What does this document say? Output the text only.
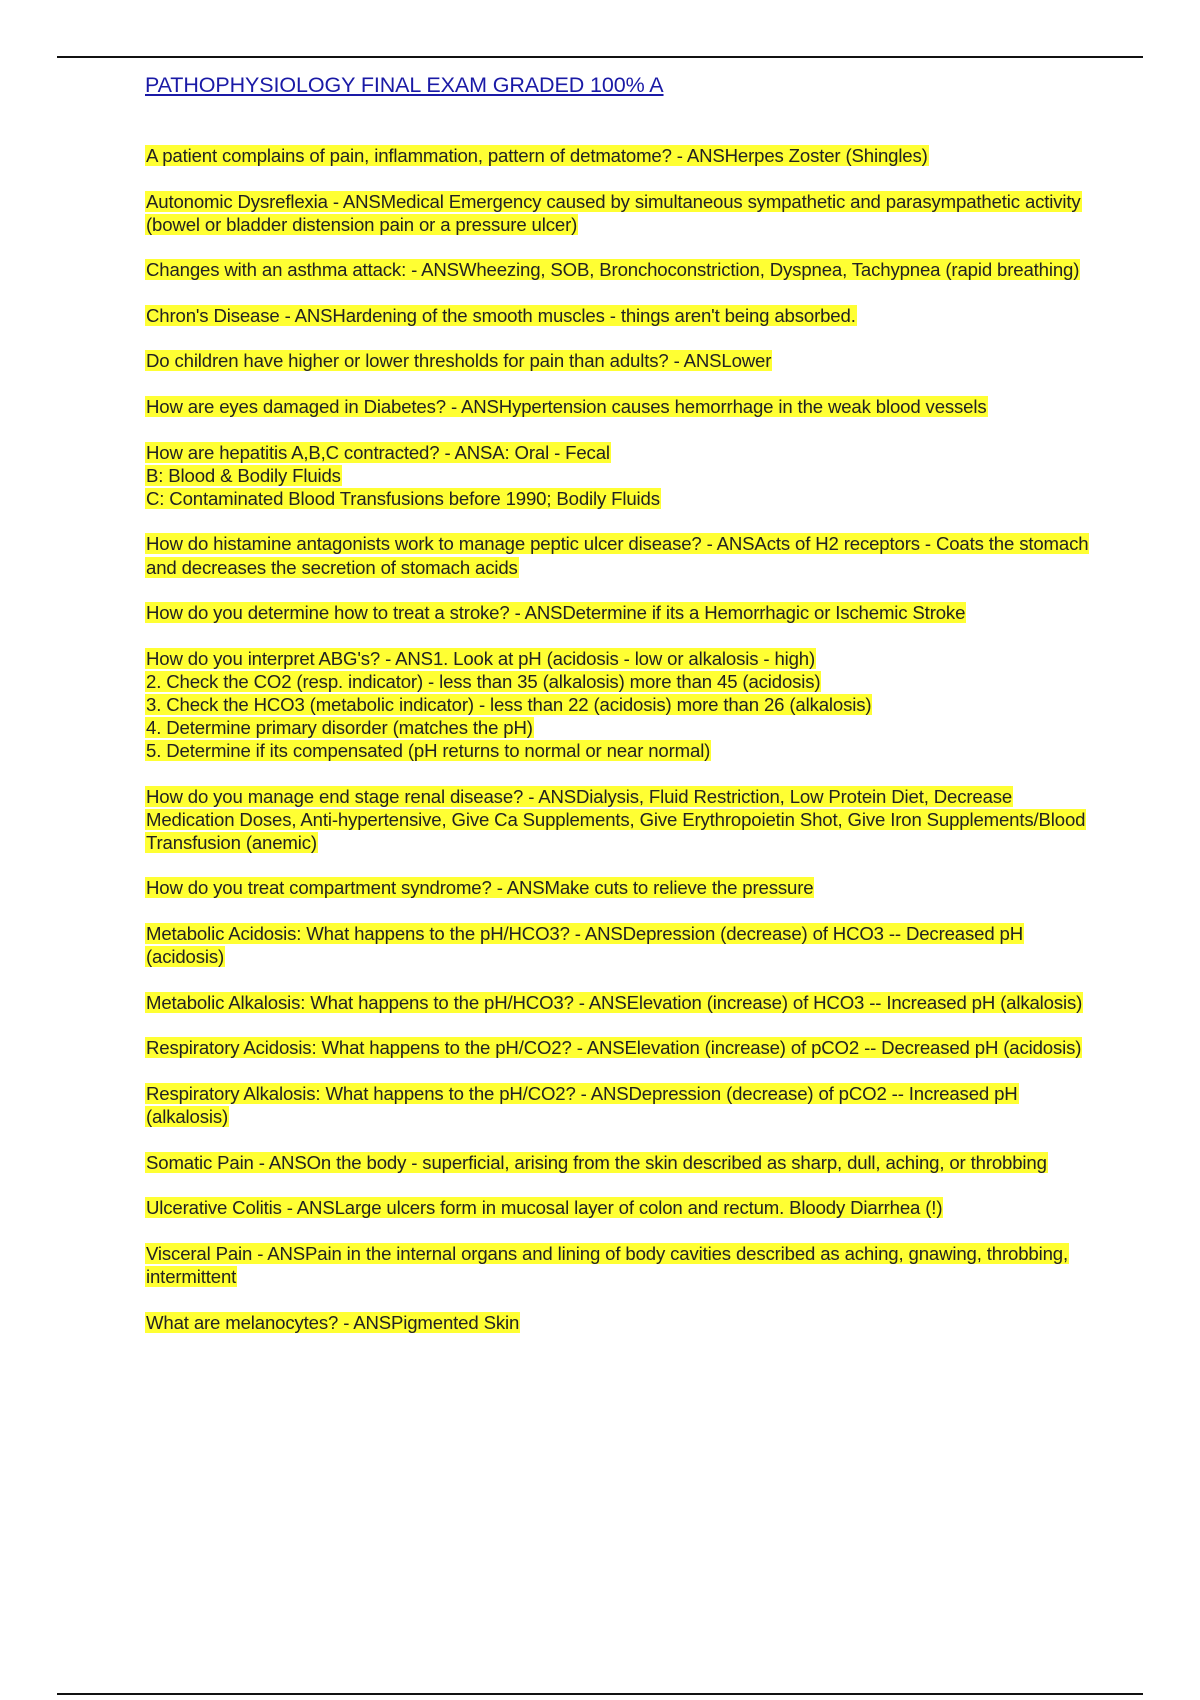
PATHOPHYSIOLOGY FINAL EXAM GRADED 100% A
A patient complains of pain, inflammation, pattern of detmatome? - ANSHerpes Zoster (Shingles)
Autonomic Dysreflexia - ANSMedical Emergency caused by simultaneous sympathetic and parasympathetic activity (bowel or bladder distension pain or a pressure ulcer)
Changes with an asthma attack: - ANSWheezing, SOB, Bronchoconstriction, Dyspnea, Tachypnea (rapid breathing)
Chron's Disease - ANSHardening of the smooth muscles - things aren't being absorbed.
Do children have higher or lower thresholds for pain than adults? - ANSLower
How are eyes damaged in Diabetes? - ANSHypertension causes hemorrhage in the weak blood vessels
How are hepatitis A,B,C contracted? - ANSA: Oral - Fecal
B: Blood & Bodily Fluids
C: Contaminated Blood Transfusions before 1990; Bodily Fluids
How do histamine antagonists work to manage peptic ulcer disease? - ANSActs of H2 receptors - Coats the stomach and decreases the secretion of stomach acids
How do you determine how to treat a stroke? - ANSDetermine if its a Hemorrhagic or Ischemic Stroke
How do you interpret ABG's? - ANS1. Look at pH (acidosis - low or alkalosis - high)
2. Check the CO2 (resp. indicator) - less than 35 (alkalosis) more than 45 (acidosis)
3. Check the HCO3 (metabolic indicator) - less than 22 (acidosis) more than 26 (alkalosis)
4. Determine primary disorder (matches the pH)
5. Determine if its compensated (pH returns to normal or near normal)
How do you manage end stage renal disease? - ANSDialysis, Fluid Restriction, Low Protein Diet, Decrease Medication Doses, Anti-hypertensive, Give Ca Supplements, Give Erythropoietin Shot, Give Iron Supplements/Blood Transfusion (anemic)
How do you treat compartment syndrome? - ANSMake cuts to relieve the pressure
Metabolic Acidosis: What happens to the pH/HCO3? - ANSDepression (decrease) of HCO3 -- Decreased pH (acidosis)
Metabolic Alkalosis: What happens to the pH/HCO3? - ANSElevation (increase) of HCO3 -- Increased pH (alkalosis)
Respiratory Acidosis: What happens to the pH/CO2? - ANSElevation (increase) of pCO2 -- Decreased pH (acidosis)
Respiratory Alkalosis: What happens to the pH/CO2? - ANSDepression (decrease) of pCO2 -- Increased pH (alkalosis)
Somatic Pain - ANSOn the body - superficial, arising from the skin described as sharp, dull, aching, or throbbing
Ulcerative Colitis - ANSLarge ulcers form in mucosal layer of colon and rectum. Bloody Diarrhea (!)
Visceral Pain - ANSPain in the internal organs and lining of body cavities described as aching, gnawing, throbbing, intermittent
What are melanocytes? - ANSPigmented Skin
